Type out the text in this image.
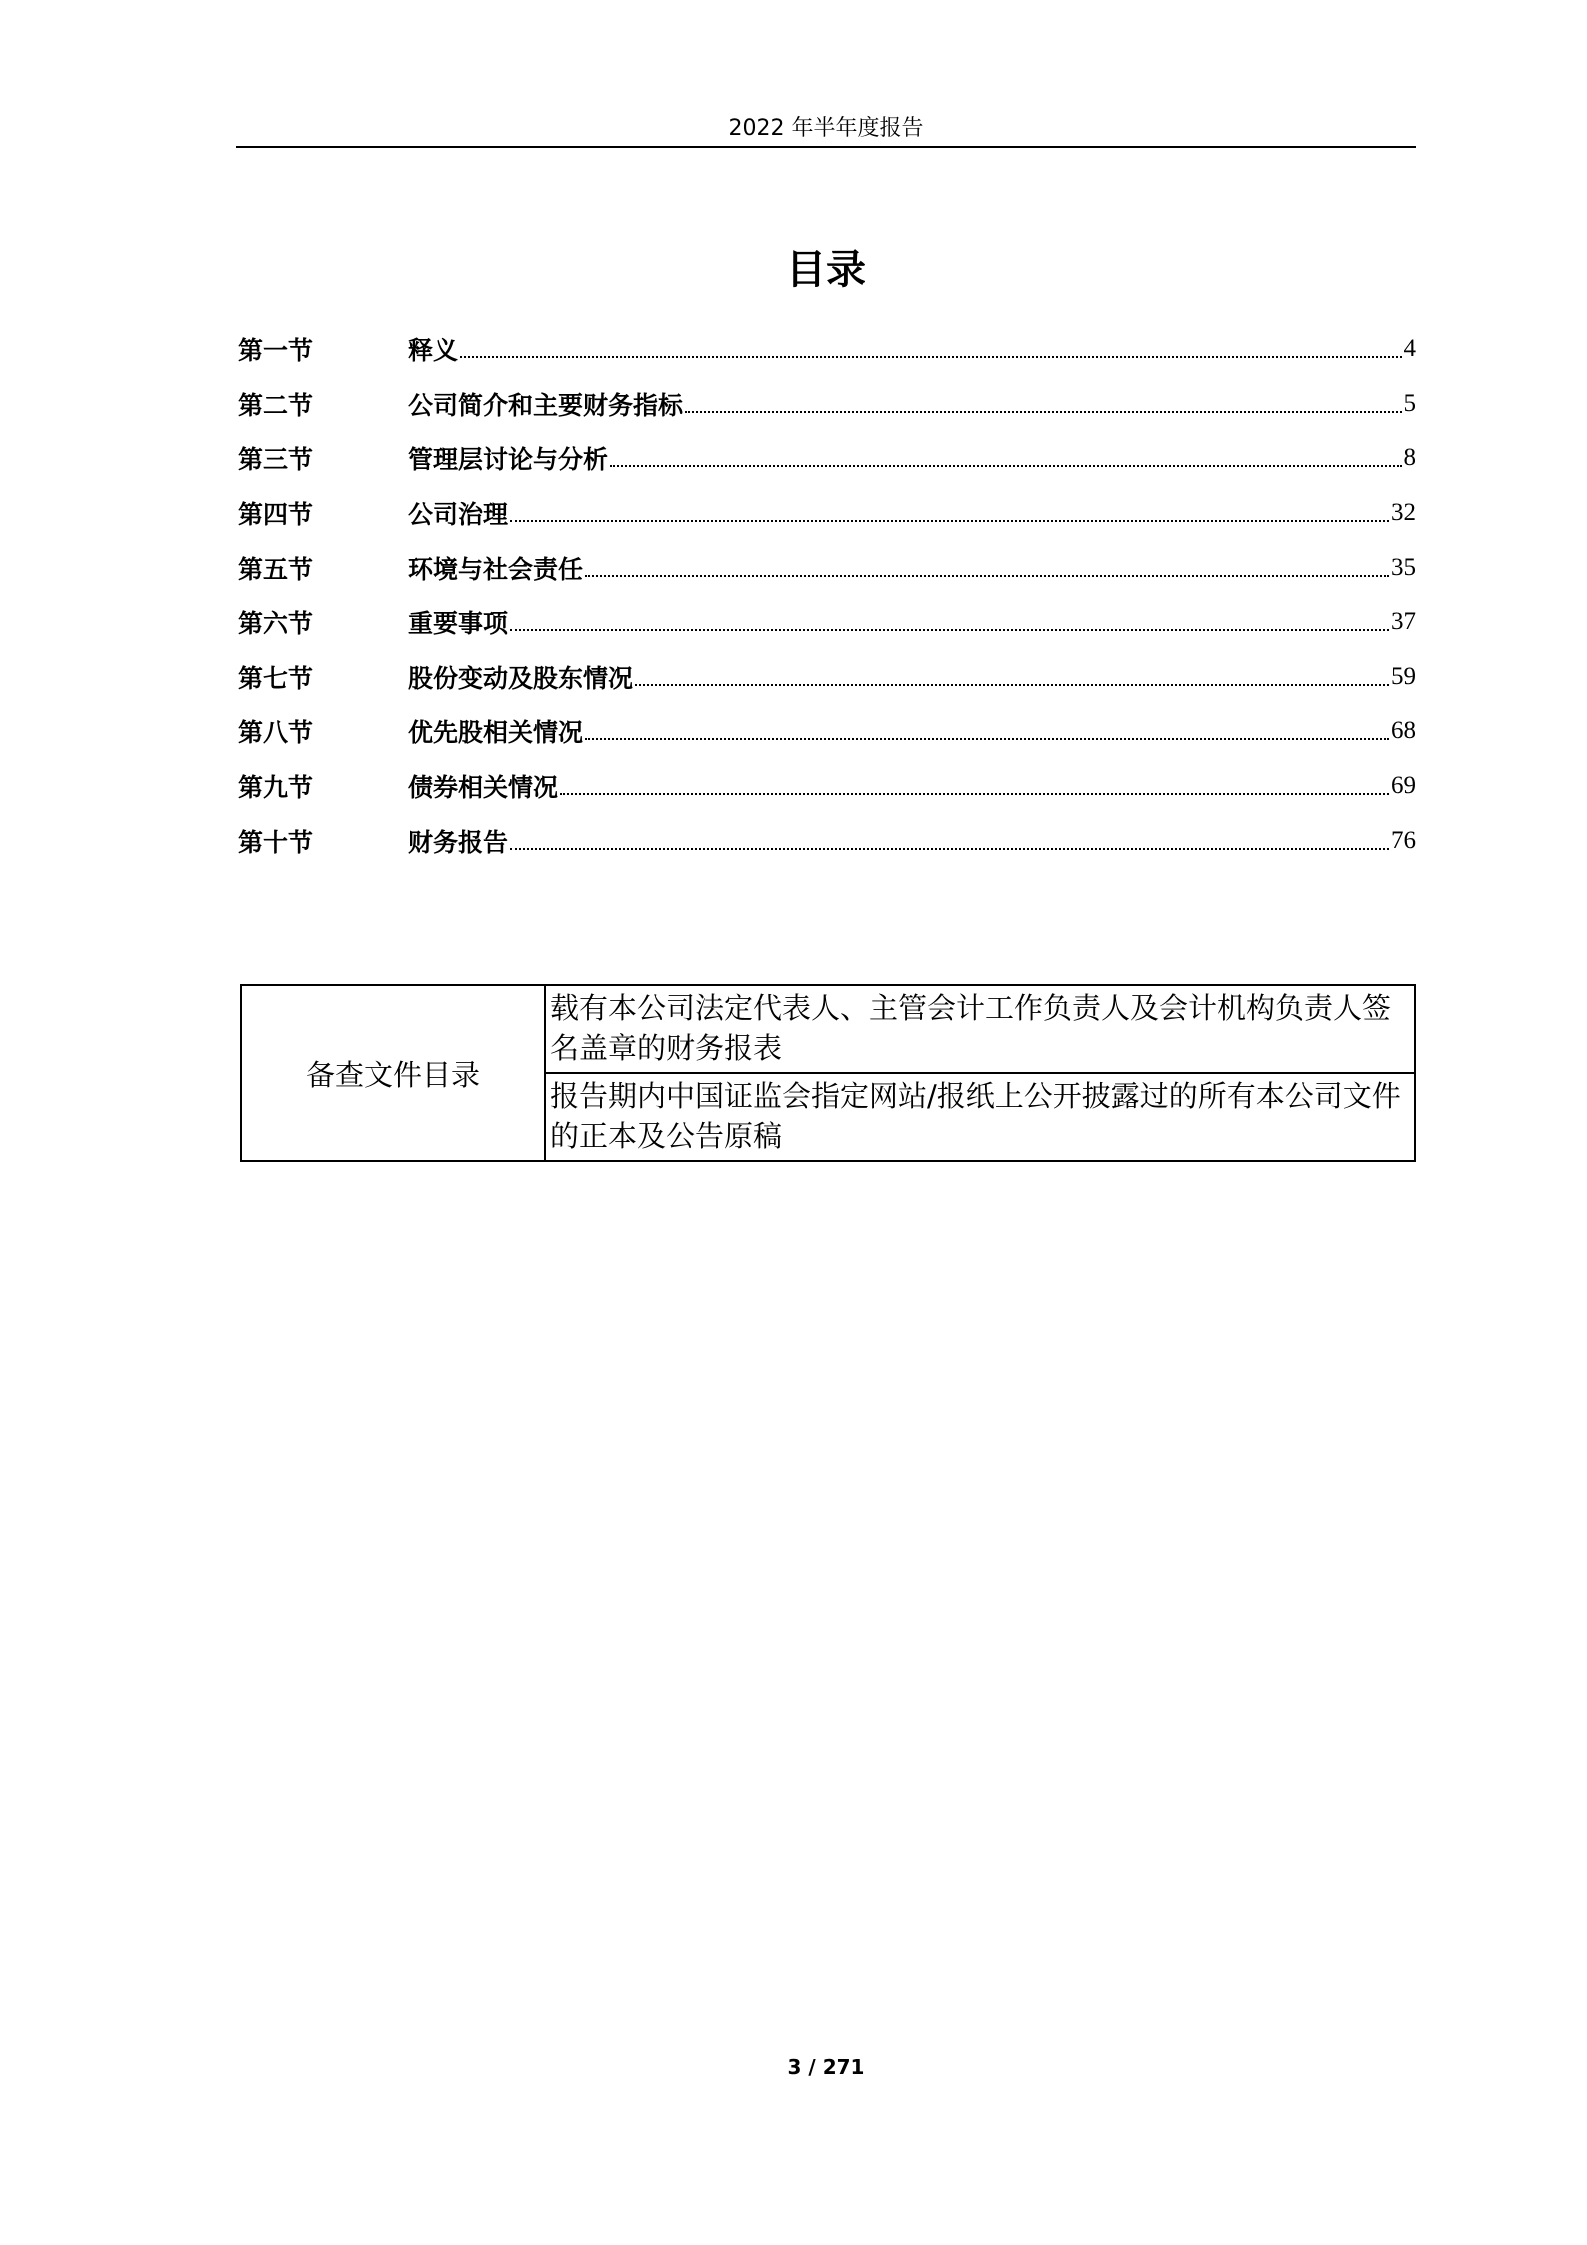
2022 年半年度报告
目录
第一节	释义	4
第二节	公司简介和主要财务指标	5
第三节	管理层讨论与分析	8
第四节	公司治理	32
第五节	环境与社会责任	35
第六节	重要事项	37
第七节	股份变动及股东情况	59
第八节	优先股相关情况	68
第九节	债券相关情况	69
第十节	财务报告	76
备查文件目录	载有本公司法定代表人、主管会计工作负责人及会计机构负责人签名盖章的财务报表
报告期内中国证监会指定网站/报纸上公开披露过的所有本公司文件的正本及公告原稿
3 / 271
